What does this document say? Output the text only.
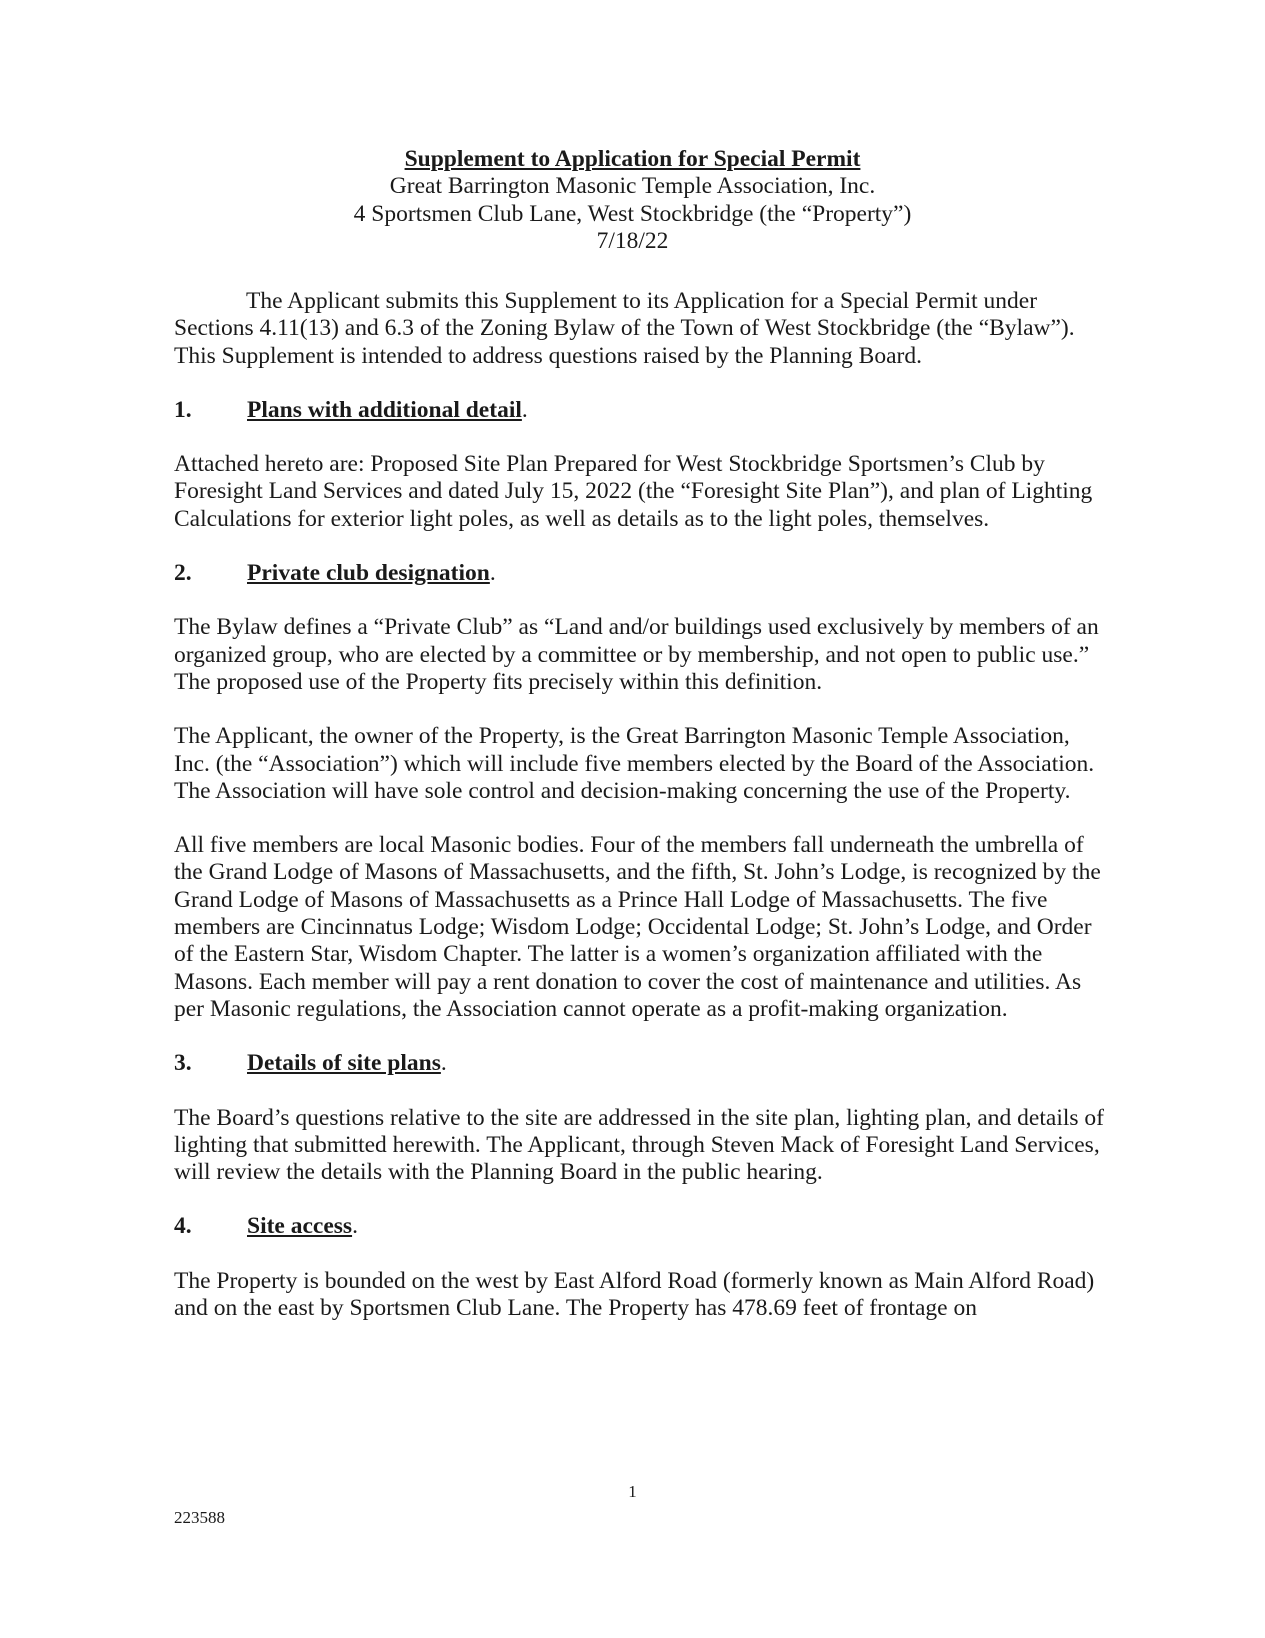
Supplement to Application for Special Permit
Great Barrington Masonic Temple Association, Inc.
4 Sportsmen Club Lane, West Stockbridge (the “Property”)
7/18/22

The Applicant submits this Supplement to its Application for a Special Permit under Sections 4.11(13) and 6.3 of the Zoning Bylaw of the Town of West Stockbridge (the “Bylaw”). This Supplement is intended to address questions raised by the Planning Board.

1. Plans with additional detail.

Attached hereto are: Proposed Site Plan Prepared for West Stockbridge Sportsmen’s Club by Foresight Land Services and dated July 15, 2022 (the “Foresight Site Plan”), and plan of Lighting Calculations for exterior light poles, as well as details as to the light poles, themselves.

2. Private club designation.

The Bylaw defines a “Private Club” as “Land and/or buildings used exclusively by members of an organized group, who are elected by a committee or by membership, and not open to public use.” The proposed use of the Property fits precisely within this definition.

The Applicant, the owner of the Property, is the Great Barrington Masonic Temple Association, Inc. (the “Association”) which will include five members elected by the Board of the Association. The Association will have sole control and decision-making concerning the use of the Property.

All five members are local Masonic bodies. Four of the members fall underneath the umbrella of the Grand Lodge of Masons of Massachusetts, and the fifth, St. John’s Lodge, is recognized by the Grand Lodge of Masons of Massachusetts as a Prince Hall Lodge of Massachusetts. The five members are Cincinnatus Lodge; Wisdom Lodge; Occidental Lodge; St. John’s Lodge, and Order of the Eastern Star, Wisdom Chapter. The latter is a women’s organization affiliated with the Masons. Each member will pay a rent donation to cover the cost of maintenance and utilities. As per Masonic regulations, the Association cannot operate as a profit-making organization.

3. Details of site plans.

The Board’s questions relative to the site are addressed in the site plan, lighting plan, and details of lighting that submitted herewith. The Applicant, through Steven Mack of Foresight Land Services, will review the details with the Planning Board in the public hearing.

4. Site access.

The Property is bounded on the west by East Alford Road (formerly known as Main Alford Road) and on the east by Sportsmen Club Lane. The Property has 478.69 feet of frontage on

1
223588
